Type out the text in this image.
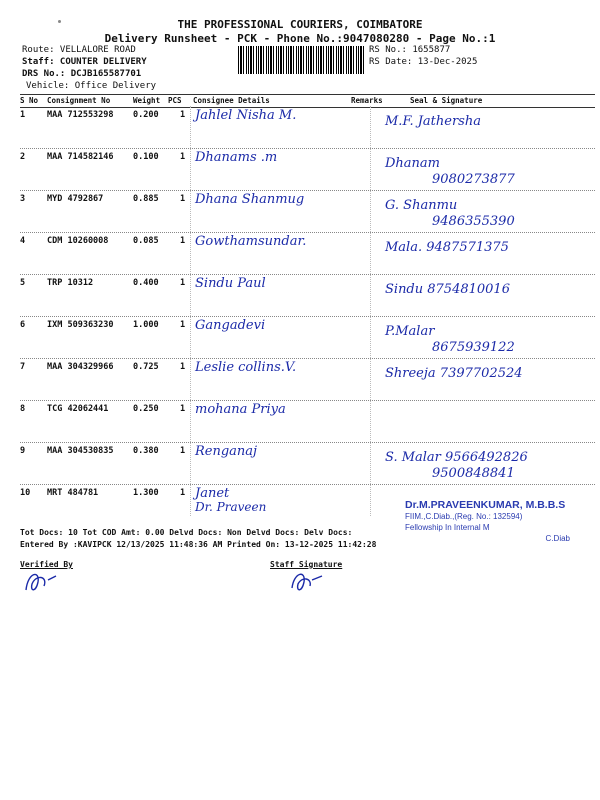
THE PROFESSIONAL COURIERS, COIMBATORE
Delivery Runsheet - PCK - Phone No.:9047080280 - Page No.:1
Route: VELLALORE ROAD
Staff: COUNTER DELIVERY
DRS No.: DCJB165587701
Vehicle: Office Delivery
RS No.: 1655877
RS Date: 13-Dec-2025
S No Consignment No	Weight PCS Consignee Details	Remarks	Seal & Signature
1	MAA 712553298 0.200	1 Jahlel Nisha M.	M.F. Jathersha
2	MAA 714582146 0.100	1 Dhanams .m	Dhanam
9080273877
3	MYD 4792867	0.885	1 Dhana Shanmug	G. Shanmu
9486355390
4	CDM 10260008	0.085	1 Gowthamsundar.	Mala. 9487571375
5	TRP 10312	0.400	1 Sindu Paul	Sindu 8754810016
6	IXM 509363230 1.000	1 Gangadevi	P.Malar
8675939122
7	MAA 304329966 0.725	1 Leslie collins.V.	Shreeja 7397702524
8	TCG 42062441	0.250	1 mohana Priya
9	MAA 304530835 0.380	1 Renganaj	S. Malar 9566492826
9500848841
10 MRT 484781	1.300	1 Janet
Dr. Praveen	Dr.M.PRAVEENKUMAR, M.B.B.S
FIIM.,C.Diab.,(Reg. No.: 132594)
Fellowship In Internal M
C.Diab
Tot Docs: 10 Tot COD Amt: 0.00 Delvd Docs: Non Delvd Docs: Delv Docs:
Entered By :KAVIPCK 12/13/2025 11:48:36 AM Printed On: 13-12-2025 11:42:28
Verified By	Staff Signature
